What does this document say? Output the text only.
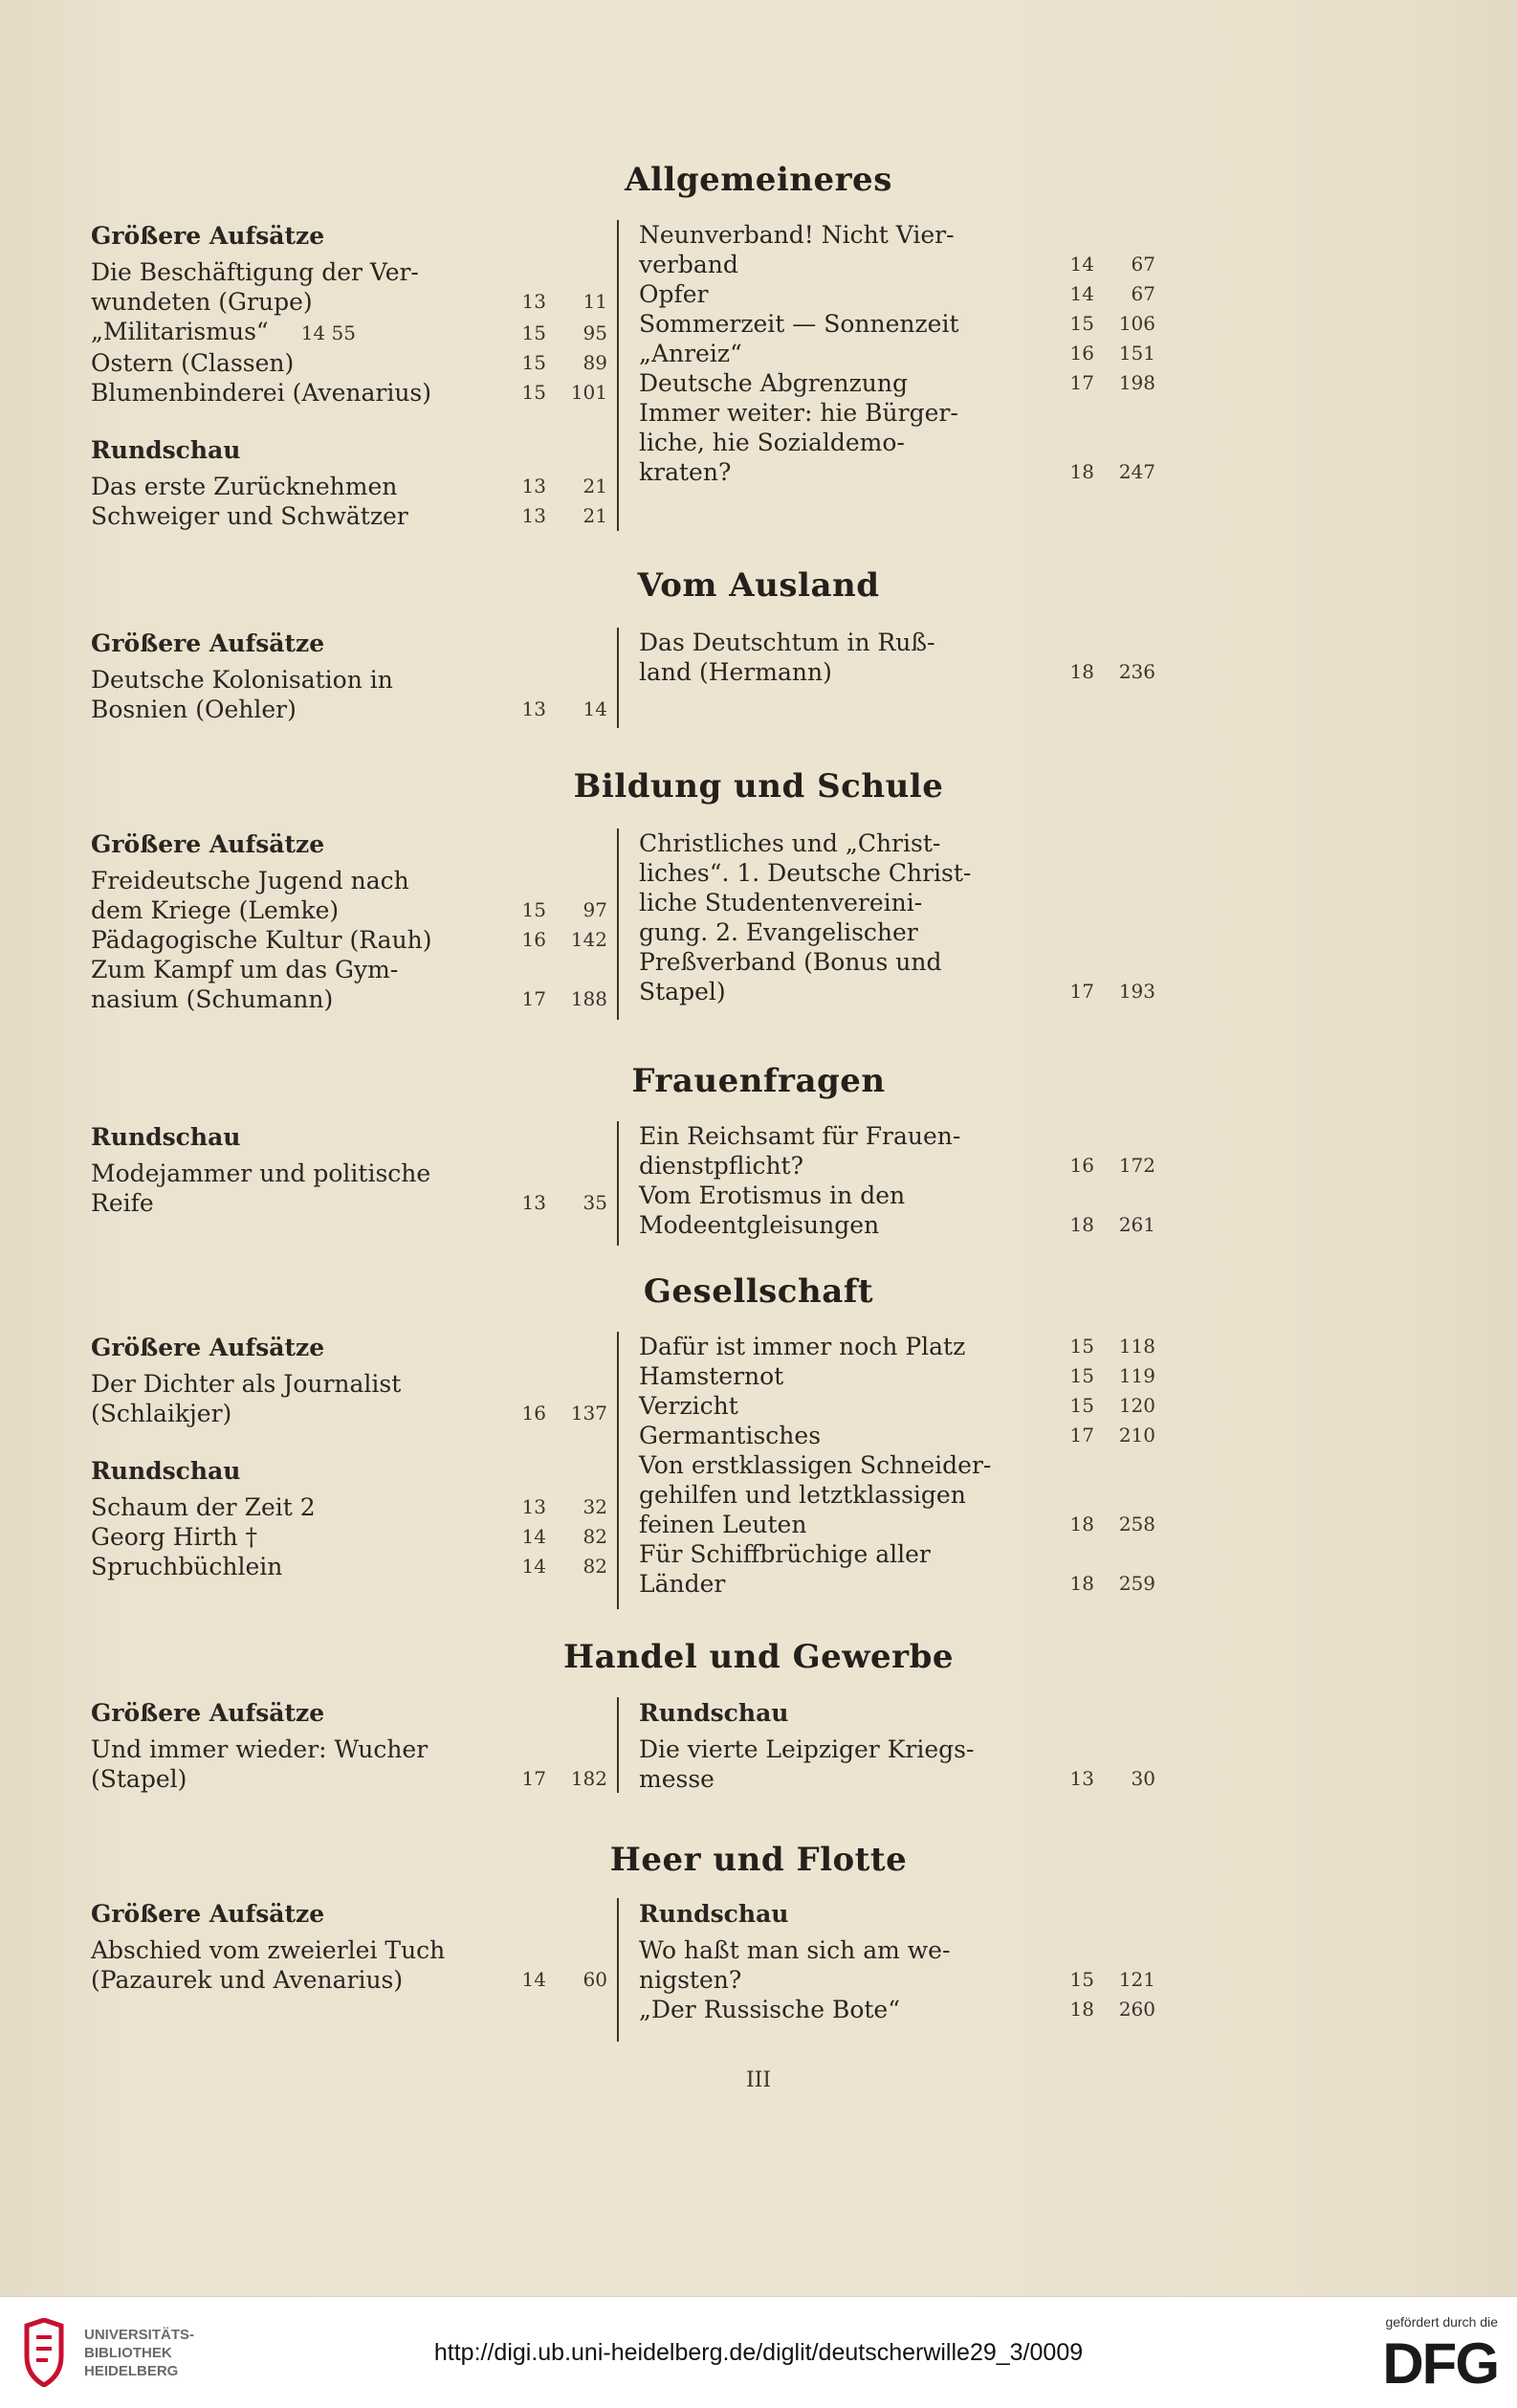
Allgemeineres
Größere Aufsätze
Die Beschäftigung der Ver-
wundeten (Grupe)	13	11
„Militarismus“ 14 55	15	95
Ostern (Classen)	15	89
Blumenbinderei (Avenarius)	15	101
Rundschau
Das erste Zurücknehmen	13	21
Schweiger und Schwätzer	13	21
Neunverband! Nicht Vier-
verband	14	67
Opfer	14	67
Sommerzeit — Sonnenzeit	15	106
„Anreiz“	16	151
Deutsche Abgrenzung	17	198
Immer weiter: hie Bürger-
liche, hie Sozialdemo-
kraten?	18	247
Vom Ausland
Größere Aufsätze
Deutsche Kolonisation in
Bosnien (Oehler)	13	14
Das Deutschtum in Ruß-
land (Hermann)	18	236
Bildung und Schule
Größere Aufsätze
Freideutsche Jugend nach
dem Kriege (Lemke)	15	97
Pädagogische Kultur (Rauh)	16	142
Zum Kampf um das Gym-
nasium (Schumann)	17	188
Christliches und „Christ-
liches“. 1. Deutsche Christ-
liche Studentenvereini-
gung. 2. Evangelischer
Preßverband (Bonus und
Stapel)	17	193
Frauenfragen
Rundschau
Modejammer und politische
Reife	13	35
Ein Reichsamt für Frauen-
dienstpflicht?	16	172
Vom Erotismus in den
Modeentgleisungen	18	261
Gesellschaft
Größere Aufsätze
Der Dichter als Journalist
(Schlaikjer)	16	137
Rundschau
Schaum der Zeit 2	13	32
Georg Hirth †	14	82
Spruchbüchlein	14	82
Dafür ist immer noch Platz	15	118
Hamsternot	15	119
Verzicht	15	120
Germantisches	17	210
Von erstklassigen Schneider-
gehilfen und letztklassigen
feinen Leuten	18	258
Für Schiffbrüchige aller
Länder	18	259
Handel und Gewerbe
Größere Aufsätze
Und immer wieder: Wucher
(Stapel)	17	182
Rundschau
Die vierte Leipziger Kriegs-
messe	13	30
Heer und Flotte
Größere Aufsätze
Abschied vom zweierlei Tuch
(Pazaurek und Avenarius)	14	60
Rundschau
Wo haßt man sich am we-
nigsten?	15	121
„Der Russische Bote“	18	260
III
UNIVERSITÄTS-
BIBLIOTHEK
HEIDELBERG
http://digi.ub.uni-heidelberg.de/diglit/deutscherwille29_3/0009
gefördert durch die
DFG
